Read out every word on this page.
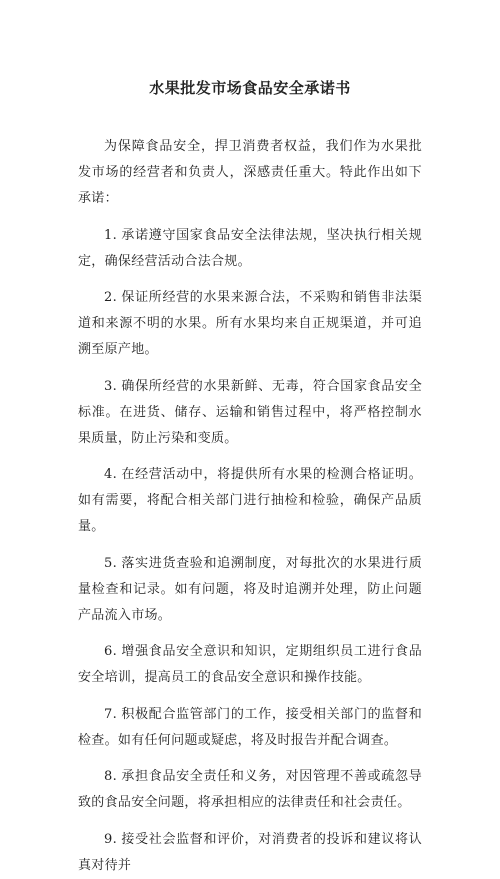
水果批发市场食品安全承诺书

为保障食品安全，捍卫消费者权益，我们作为水果批发市场的经营者和负责人，深感责任重大。特此作出如下承诺：

1. 承诺遵守国家食品安全法律法规，坚决执行相关规定，确保经营活动合法合规。

2. 保证所经营的水果来源合法，不采购和销售非法渠道和来源不明的水果。所有水果均来自正规渠道，并可追溯至原产地。

3. 确保所经营的水果新鲜、无毒，符合国家食品安全标准。在进货、储存、运输和销售过程中，将严格控制水果质量，防止污染和变质。

4. 在经营活动中，将提供所有水果的检测合格证明。如有需要，将配合相关部门进行抽检和检验，确保产品质量。

5. 落实进货查验和追溯制度，对每批次的水果进行质量检查和记录。如有问题，将及时追溯并处理，防止问题产品流入市场。

6. 增强食品安全意识和知识，定期组织员工进行食品安全培训，提高员工的食品安全意识和操作技能。

7. 积极配合监管部门的工作，接受相关部门的监督和检查。如有任何问题或疑虑，将及时报告并配合调查。

8. 承担食品安全责任和义务，对因管理不善或疏忽导致的食品安全问题，将承担相应的法律责任和社会责任。

9. 接受社会监督和评价，对消费者的投诉和建议将认真对待并
